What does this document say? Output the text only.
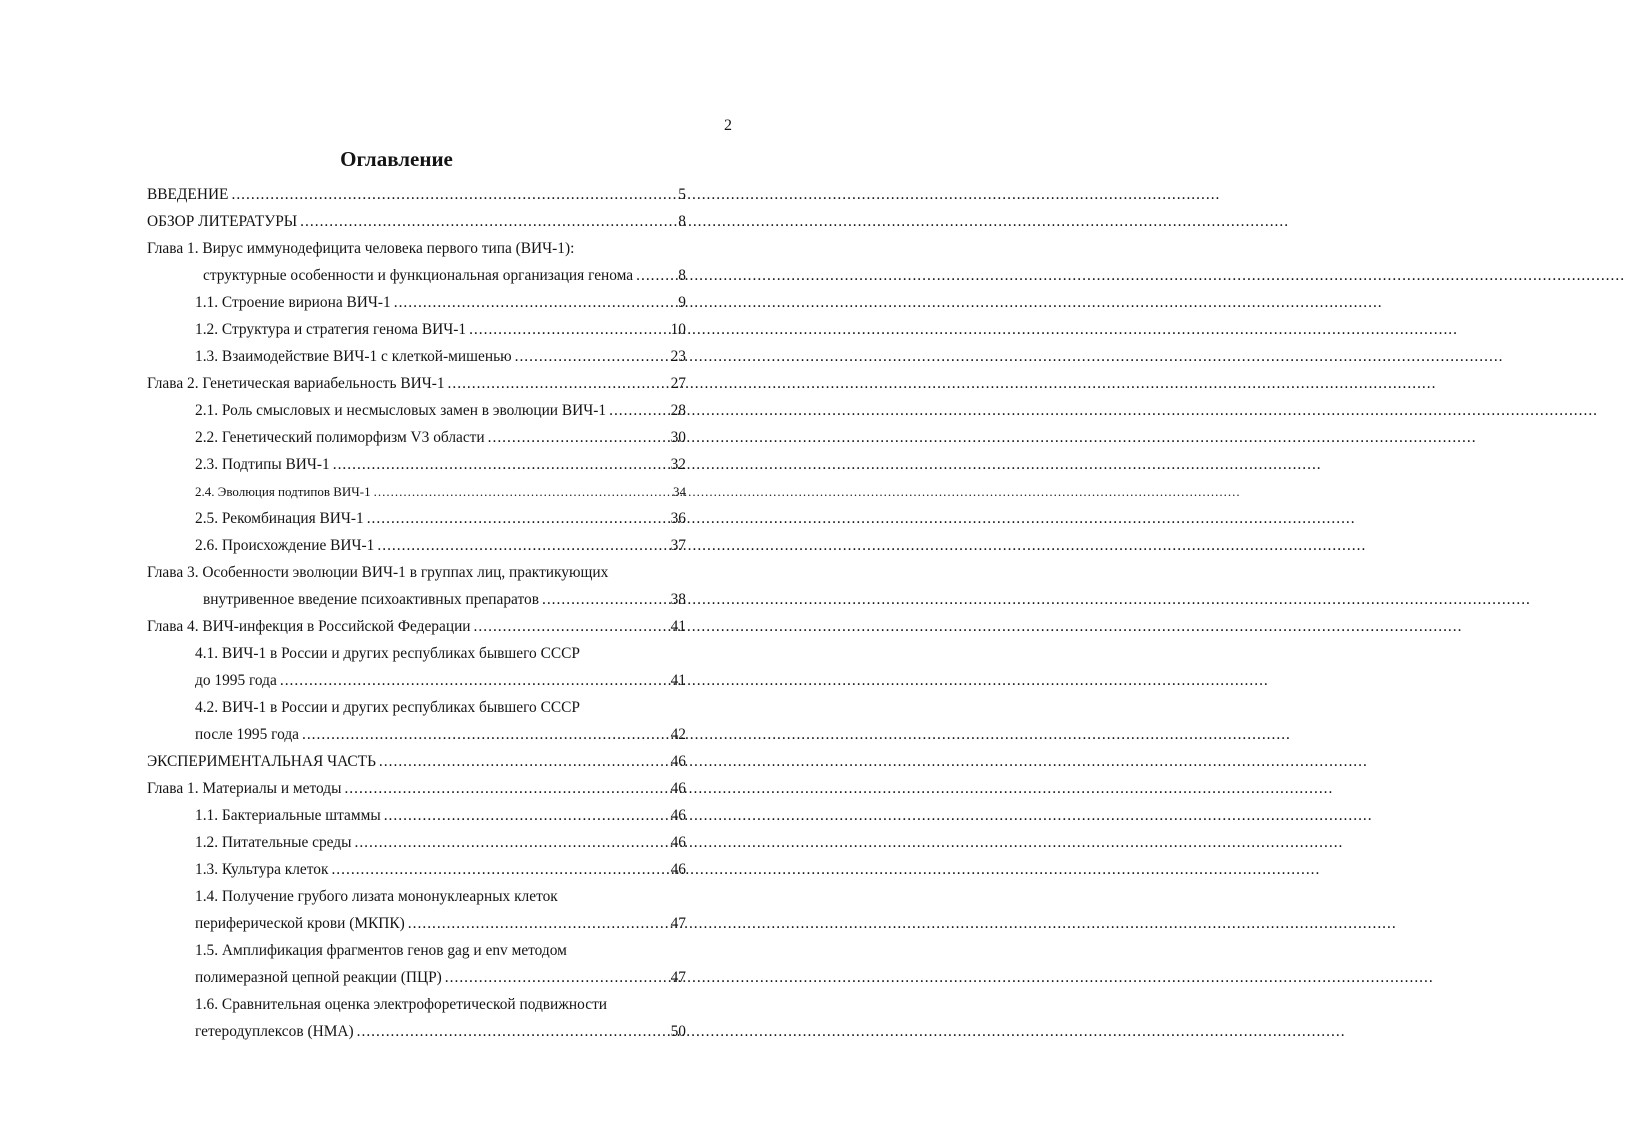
2
Оглавление
ВВЕДЕНИЕ .....	5
ОБЗОР ЛИТЕРАТУРЫ .....	8
Глава 1. Вирус иммунодефицита человека первого типа (ВИЧ-1):
структурные особенности и функциональная организация генома .....	8
1.1. Строение вириона ВИЧ-1 .....	9
1.2. Структура и стратегия генома ВИЧ-1 .....	10
1.3. Взаимодействие ВИЧ-1 с клеткой-мишенью .....	23
Глава 2. Генетическая вариабельность ВИЧ-1 .....	27
2.1. Роль смысловых и несмысловых замен в эволюции ВИЧ-1 .....	28
2.2. Генетический полиморфизм V3 области .....	30
2.3. Подтипы ВИЧ-1 .....	32
2.4. Эволюция подтипов ВИЧ-1 .....	34
2.5. Рекомбинация ВИЧ-1 .....	36
2.6. Происхождение ВИЧ-1 .....	37
Глава 3. Особенности эволюции ВИЧ-1 в группах лиц, практикующих
внутривенное введение психоактивных препаратов .....	38
Глава 4. ВИЧ-инфекция в Российской Федерации .....	41
4.1. ВИЧ-1 в России и других республиках бывшего СССР
до 1995 года .....	41
4.2. ВИЧ-1 в России и других республиках бывшего СССР
после 1995 года .....	42
ЭКСПЕРИМЕНТАЛЬНАЯ ЧАСТЬ .....	46
Глава 1. Материалы и методы .....	46
1.1. Бактериальные штаммы .....	46
1.2. Питательные среды .....	46
1.3. Культура клеток .....	46
1.4. Получение грубого лизата мононуклеарных клеток
периферической крови (МКПК) .....	47
1.5. Амплификация фрагментов генов gag и env методом
полимеразной цепной реакции (ПЦР) .....	47
1.6. Сравнительная оценка электрофоретической подвижности
гетеродуплексов (НМА) .....	50
